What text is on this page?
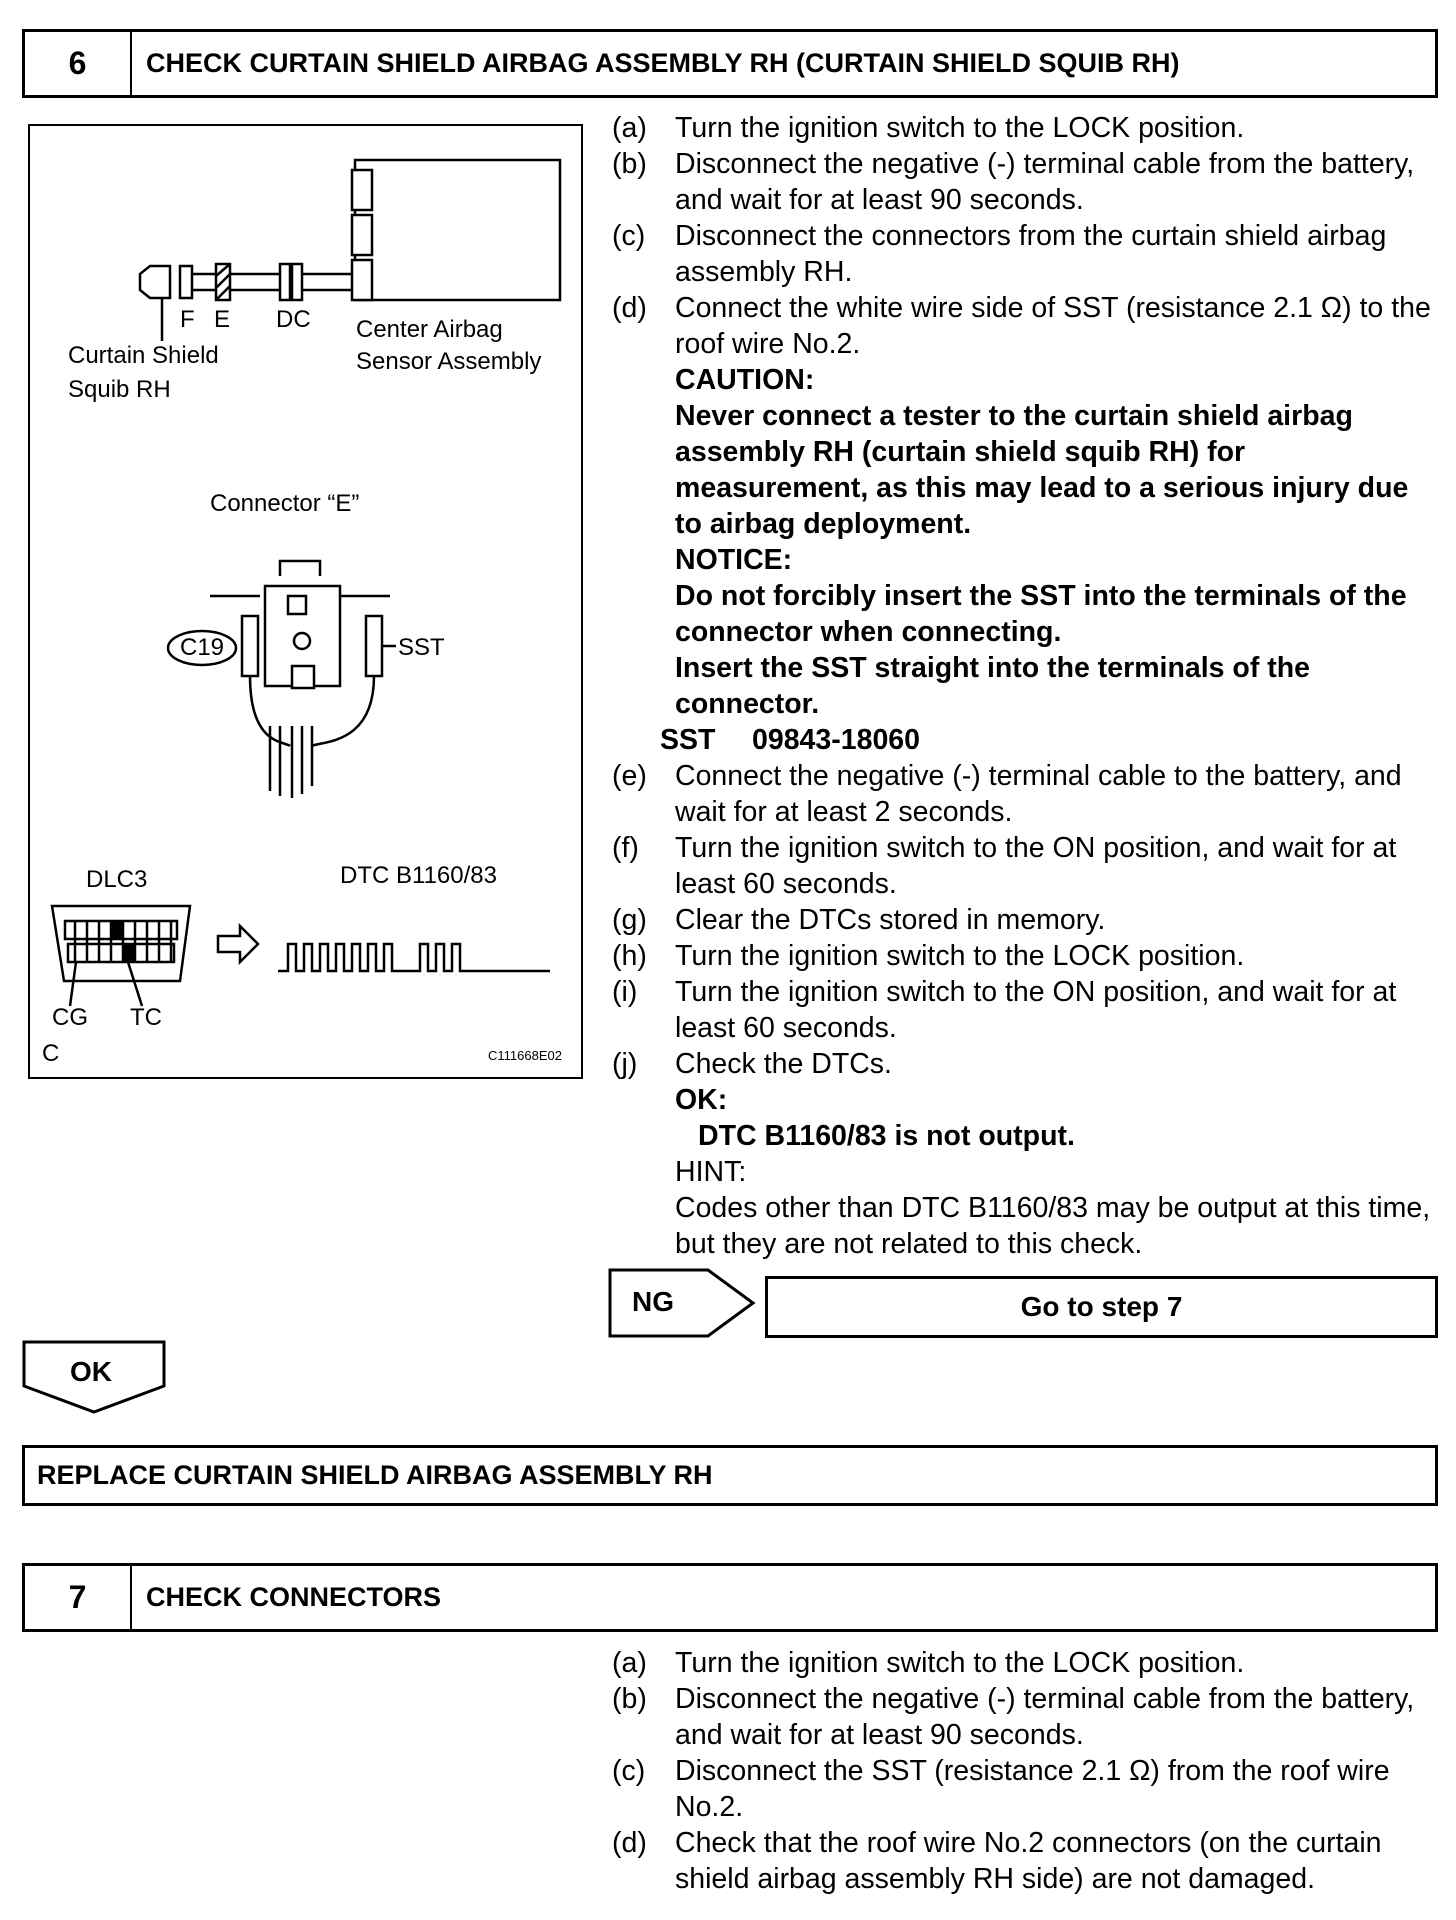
6	CHECK CURTAIN SHIELD AIRBAG ASSEMBLY RH (CURTAIN SHIELD SQUIB RH)
F E DC
Curtain Shield
Squib RH
Center Airbag
Sensor Assembly
Connector “E”
C19	SST
DLC3	DTC B1160/83
CG TC
C	C111668E02
(a) Turn the ignition switch to the LOCK position.
(b) Disconnect the negative (-) terminal cable from the battery, and wait for at least 90 seconds.
(c) Disconnect the connectors from the curtain shield airbag assembly RH.
(d) Connect the white wire side of SST (resistance 2.1 Ω) to the roof wire No.2.
CAUTION:
Never connect a tester to the curtain shield airbag assembly RH (curtain shield squib RH) for measurement, as this may lead to a serious injury due to airbag deployment.
NOTICE:
Do not forcibly insert the SST into the terminals of the connector when connecting.
Insert the SST straight into the terminals of the connector.
SST 09843-18060
(e) Connect the negative (-) terminal cable to the battery, and wait for at least 2 seconds.
(f) Turn the ignition switch to the ON position, and wait for at least 60 seconds.
(g) Clear the DTCs stored in memory.
(h) Turn the ignition switch to the LOCK position.
(i) Turn the ignition switch to the ON position, and wait for at least 60 seconds.
(j) Check the DTCs.
OK:
DTC B1160/83 is not output.
HINT:
Codes other than DTC B1160/83 may be output at this time, but they are not related to this check.
NG	Go to step 7
OK
REPLACE CURTAIN SHIELD AIRBAG ASSEMBLY RH
7	CHECK CONNECTORS
(a) Turn the ignition switch to the LOCK position.
(b) Disconnect the negative (-) terminal cable from the battery, and wait for at least 90 seconds.
(c) Disconnect the SST (resistance 2.1 Ω) from the roof wire No.2.
(d) Check that the roof wire No.2 connectors (on the curtain shield airbag assembly RH side) are not damaged.
